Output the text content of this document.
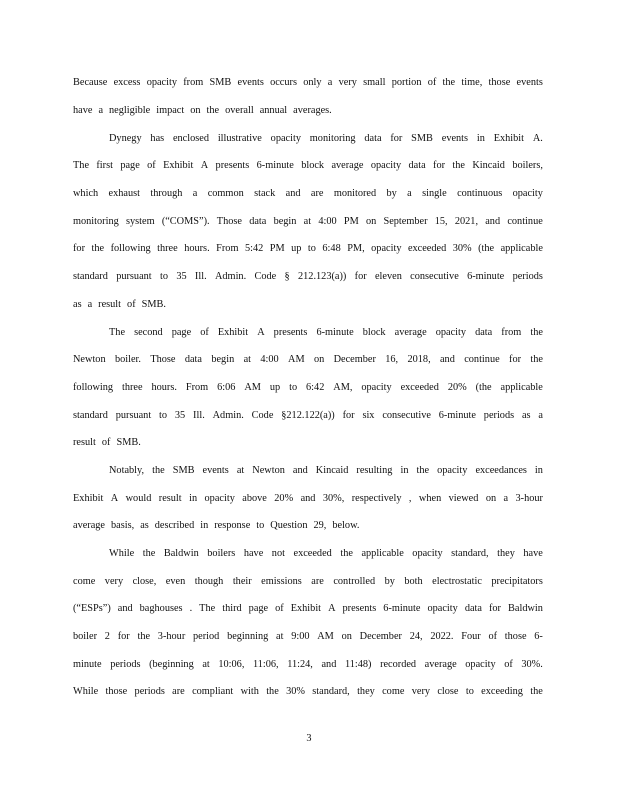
Because excess opacity from SMB events occurs only a very small portion of the time, those events
have a negligible impact on the overall annual averages.
Dynegy has enclosed illustrative opacity monitoring data for SMB events in Exhibit A.
The first page of Exhibit A presents 6-minute block average opacity data for the Kincaid boilers,
which exhaust through a common stack and are monitored by a single continuous opacity
monitoring system (“COMS”). Those data begin at 4:00 PM on September 15, 2021, and continue
for the following three hours. From 5:42 PM up to 6:48 PM, opacity exceeded 30% (the applicable
standard pursuant to 35 Ill. Admin. Code § 212.123(a)) for eleven consecutive 6-minute periods
as a result of SMB.
The second page of Exhibit A presents 6-minute block average opacity data from the
Newton boiler. Those data begin at 4:00 AM on December 16, 2018, and continue for the
following three hours. From 6:06 AM up to 6:42 AM, opacity exceeded 20% (the applicable
standard pursuant to 35 Ill. Admin. Code §212.122(a)) for six consecutive 6-minute periods as a
result of SMB.
Notably, the SMB events at Newton and Kincaid resulting in the opacity exceedances in
Exhibit A would result in opacity above 20% and 30%, respectively , when viewed on a 3-hour
average basis, as described in response to Question 29, below.
While the Baldwin boilers have not exceeded the applicable opacity standard, they have
come very close, even though their emissions are controlled by both electrostatic precipitators
(“ESPs”) and baghouses . The third page of Exhibit A presents 6-minute opacity data for Baldwin
boiler 2 for the 3-hour period beginning at 9:00 AM on December 24, 2022. Four of those 6-
minute periods (beginning at 10:06, 11:06, 11:24, and 11:48) recorded average opacity of 30%.
While those periods are compliant with the 30% standard, they come very close to exceeding the
3
